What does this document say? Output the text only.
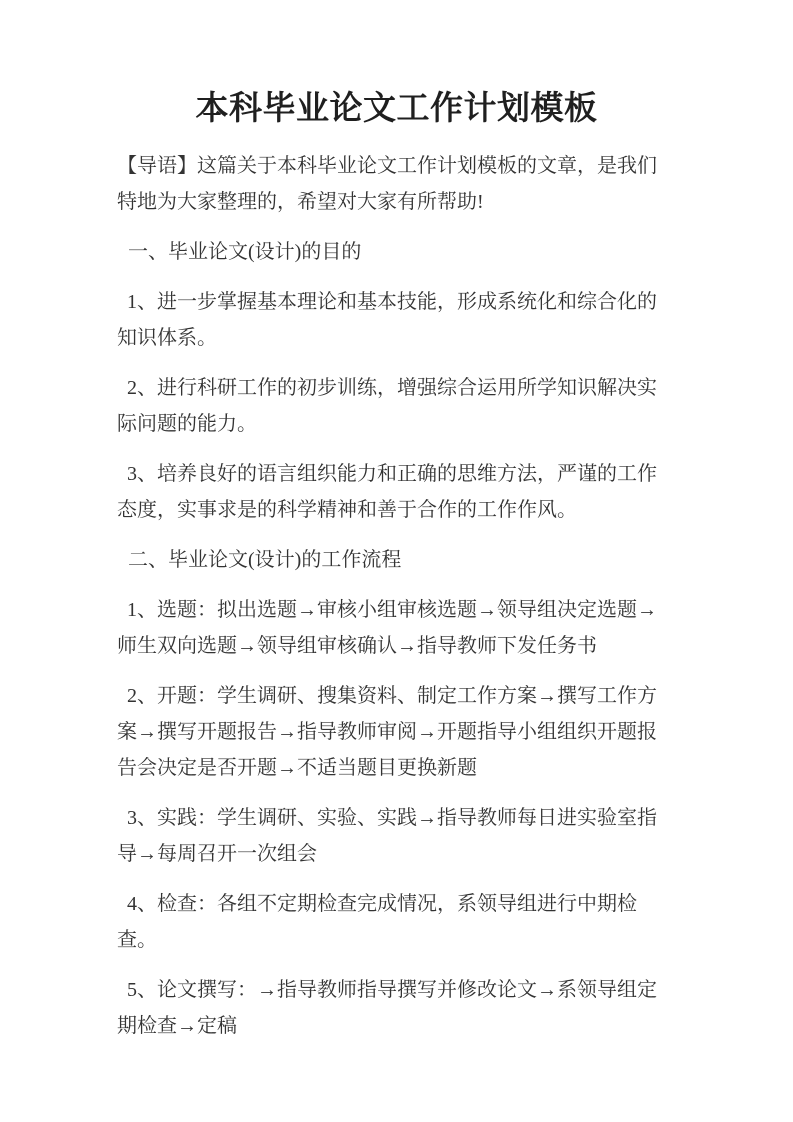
本科毕业论文工作计划模板

【导语】这篇关于本科毕业论文工作计划模板的文章，是我们特地为大家整理的，希望对大家有所帮助!

一、毕业论文(设计)的目的

1、进一步掌握基本理论和基本技能，形成系统化和综合化的知识体系。

2、进行科研工作的初步训练，增强综合运用所学知识解决实际问题的能力。

3、培养良好的语言组织能力和正确的思维方法，严谨的工作态度，实事求是的科学精神和善于合作的工作作风。

二、毕业论文(设计)的工作流程

1、选题：拟出选题→审核小组审核选题→领导组决定选题→师生双向选题→领导组审核确认→指导教师下发任务书

2、开题：学生调研、搜集资料、制定工作方案→撰写工作方案→撰写开题报告→指导教师审阅→开题指导小组组织开题报告会决定是否开题→不适当题目更换新题

3、实践：学生调研、实验、实践→指导教师每日进实验室指导→每周召开一次组会

4、检查：各组不定期检查完成情况，系领导组进行中期检查。

5、论文撰写：→指导教师指导撰写并修改论文→系领导组定期检查→定稿
